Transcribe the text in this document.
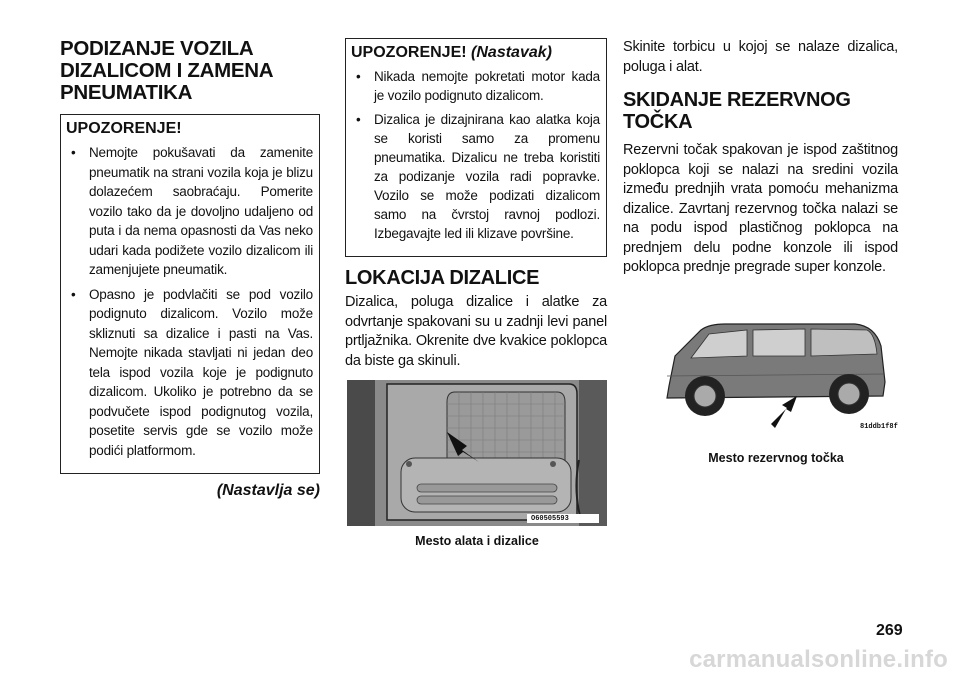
PODIZANJE VOZILA DIZALICOM I ZAMENA PNEUMATIKA
UPOZORENJE!
• Nemojte pokušavati da zamenite pneumatik na strani vozila koja je blizu dolazećem saobraćaju. Pomerite vozilo tako da je dovoljno udaljeno od puta i da nema opasnosti da Vas neko udari kada podižete vozilo dizalicom ili zamenjujete pneumatik.
• Opasno je podvlačiti se pod vozilo podignuto dizalicom. Vozilo može skliznuti sa dizalice i pasti na Vas. Nemojte nikada stavljati ni jedan deo tela ispod vozila koje je podignuto dizalicom. Ukoliko je potrebno da se podvučete ispod podignutog vozila, posetite servis gde se vozilo može podići platformom.
(Nastavlja se)
UPOZORENJE! (Nastavak)
• Nikada nemojte pokretati motor kada je vozilo podignuto dizalicom.
• Dizalica je dizajnirana kao alatka koja se koristi samo za promenu pneumatika. Dizalicu ne treba koristiti za podizanje vozila radi popravke. Vozilo se može podizati dizalicom samo na čvrstoj ravnoj podlozi. Izbegavajte led ili klizave površine.
LOKACIJA DIZALICE

Dizalica, poluga dizalice i alatke za odvrtanje spakovani su u zadnji levi panel prtljažnika. Okrenite dve kvakice poklopca da biste ga skinuli.

O60505593
Mesto alata i dizalice

Skinite torbicu u kojoj se nalaze dizalica, poluga i alat.

SKIDANJE REZERVNOG TOČKA

Rezervni točak spakovan je ispod zaštitnog poklopca koji se nalazi na sredini vozila između prednjih vrata pomoću mehanizma dizalice. Zavrtanj rezervnog točka nalazi se na podu ispod plastičnog poklopca na prednjem delu podne konzole ili ispod poklopca prednje pregrade super konzole.

81ddb1f8f
Mesto rezervnog točka
269
carmanualsonline.info
